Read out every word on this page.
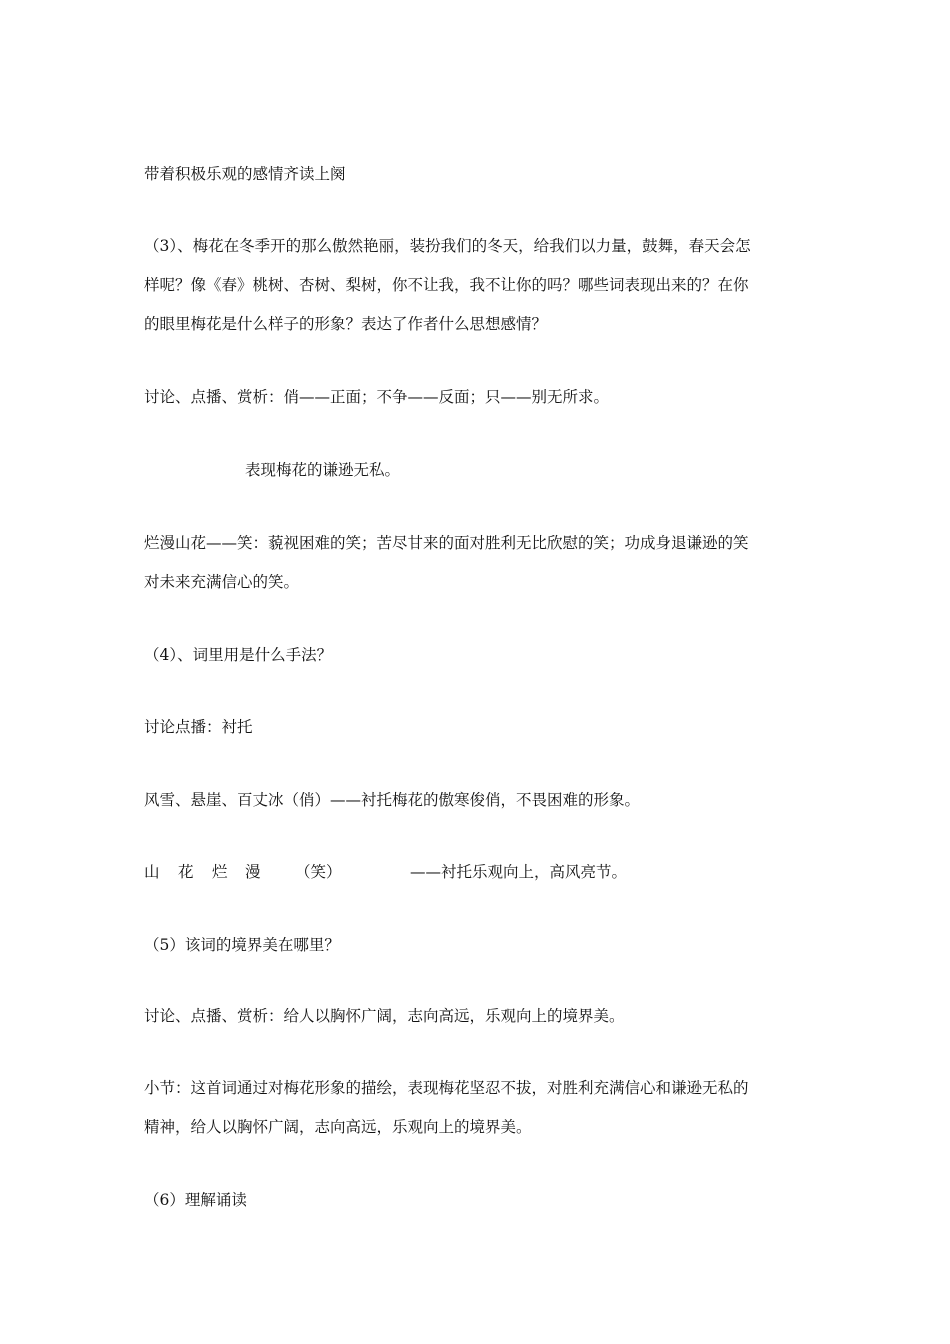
带着积极乐观的感情齐读上阕
（3）、梅花在冬季开的那么傲然艳丽，装扮我们的冬天，给我们以力量，鼓舞，春天会怎
样呢？像《春》桃树、杏树、梨树，你不让我，我不让你的吗？哪些词表现出来的？在你
的眼里梅花是什么样子的形象？表达了作者什么思想感情？
讨论、点播、赏析：俏——正面；不争——反面；只——别无所求。
表现梅花的谦逊无私。
烂漫山花——笑：藐视困难的笑；苦尽甘来的面对胜利无比欣慰的笑；功成身退谦逊的笑
对未来充满信心的笑。
（4）、词里用是什么手法？
讨论点播：衬托
风雪、悬崖、百丈冰（俏）——衬托梅花的傲寒俊俏，不畏困难的形象。
山 花 烂 漫 （笑）	——衬托乐观向上，高风亮节。
（5）该词的境界美在哪里？
讨论、点播、赏析：给人以胸怀广阔，志向高远，乐观向上的境界美。
小节：这首词通过对梅花形象的描绘，表现梅花坚忍不拔，对胜利充满信心和谦逊无私的
精神，给人以胸怀广阔，志向高远，乐观向上的境界美。
（6）理解诵读
